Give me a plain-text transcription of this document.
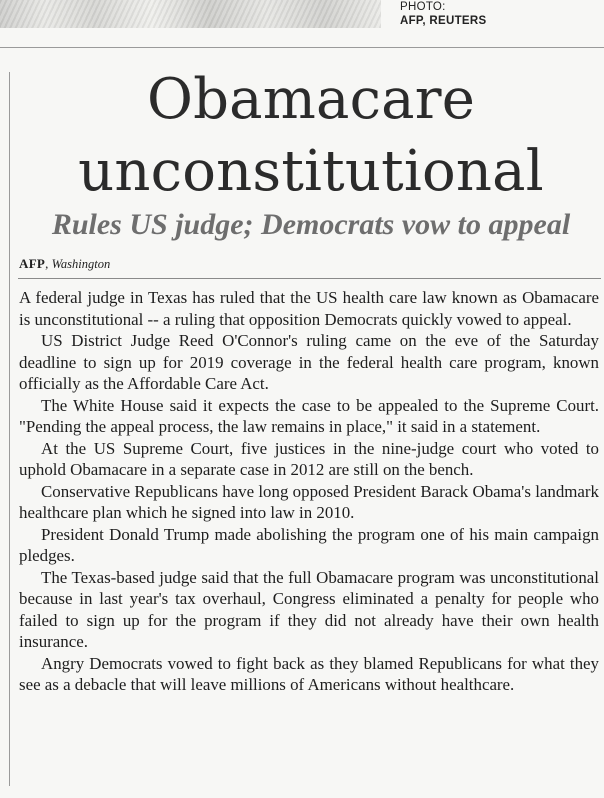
PHOTO:
AFP, REUTERS
Obamacare unconstitutional
Rules US judge; Democrats vow to appeal
AFP, Washington

A federal judge in Texas has ruled that the US health care law known as Obamacare is unconstitutional -- a ruling that opposition Democrats quickly vowed to appeal.

US District Judge Reed O'Connor's ruling came on the eve of the Saturday deadline to sign up for 2019 coverage in the federal health care program, known officially as the Affordable Care Act.

The White House said it expects the case to be appealed to the Supreme Court. "Pending the appeal process, the law remains in place," it said in a statement.

At the US Supreme Court, five justices in the nine-judge court who voted to uphold Obamacare in a separate case in 2012 are still on the bench.

Conservative Republicans have long opposed President Barack Obama's landmark healthcare plan which he signed into law in 2010.

President Donald Trump made abolishing the program one of his main campaign pledges.

The Texas-based judge said that the full Obamacare program was unconstitutional because in last year's tax overhaul, Congress eliminated a penalty for people who failed to sign up for the program if they did not already have their own health insurance.

Angry Democrats vowed to fight back as they blamed Republicans for what they see as a debacle that will leave millions of Americans without healthcare.
